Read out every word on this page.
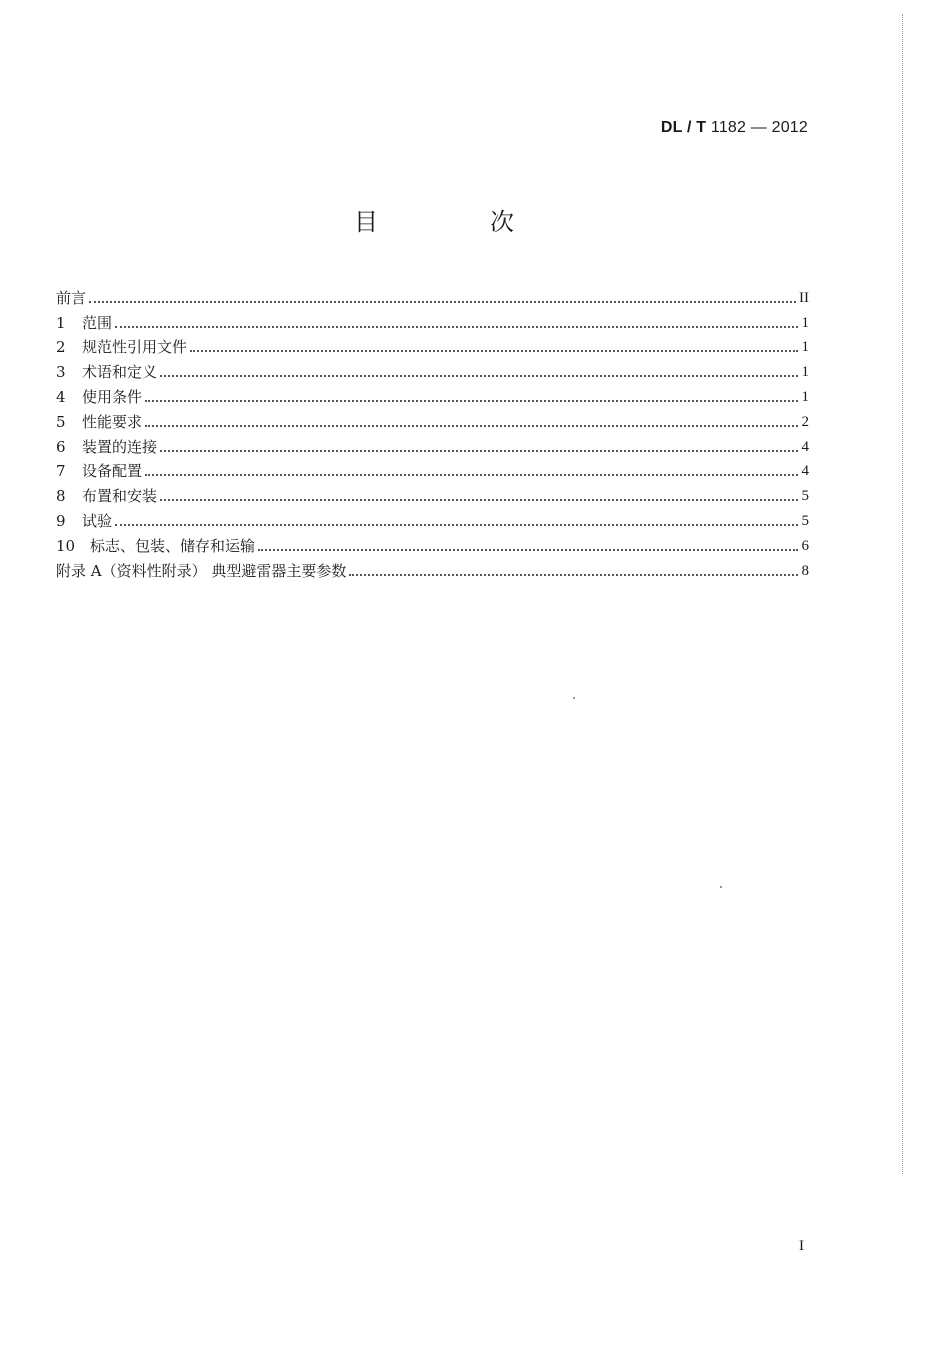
DL / T 1182 — 2012
目　次
前言	II
1	范围	1
2	规范性引用文件	1
3	术语和定义	1
4	使用条件	1
5	性能要求	2
6	装置的连接	4
7	设备配置	4
8	布置和安装	5
9	试验	5
10 标志、包装、储存和运输	6
附录 A（资料性附录） 典型避雷器主要参数	8
I
